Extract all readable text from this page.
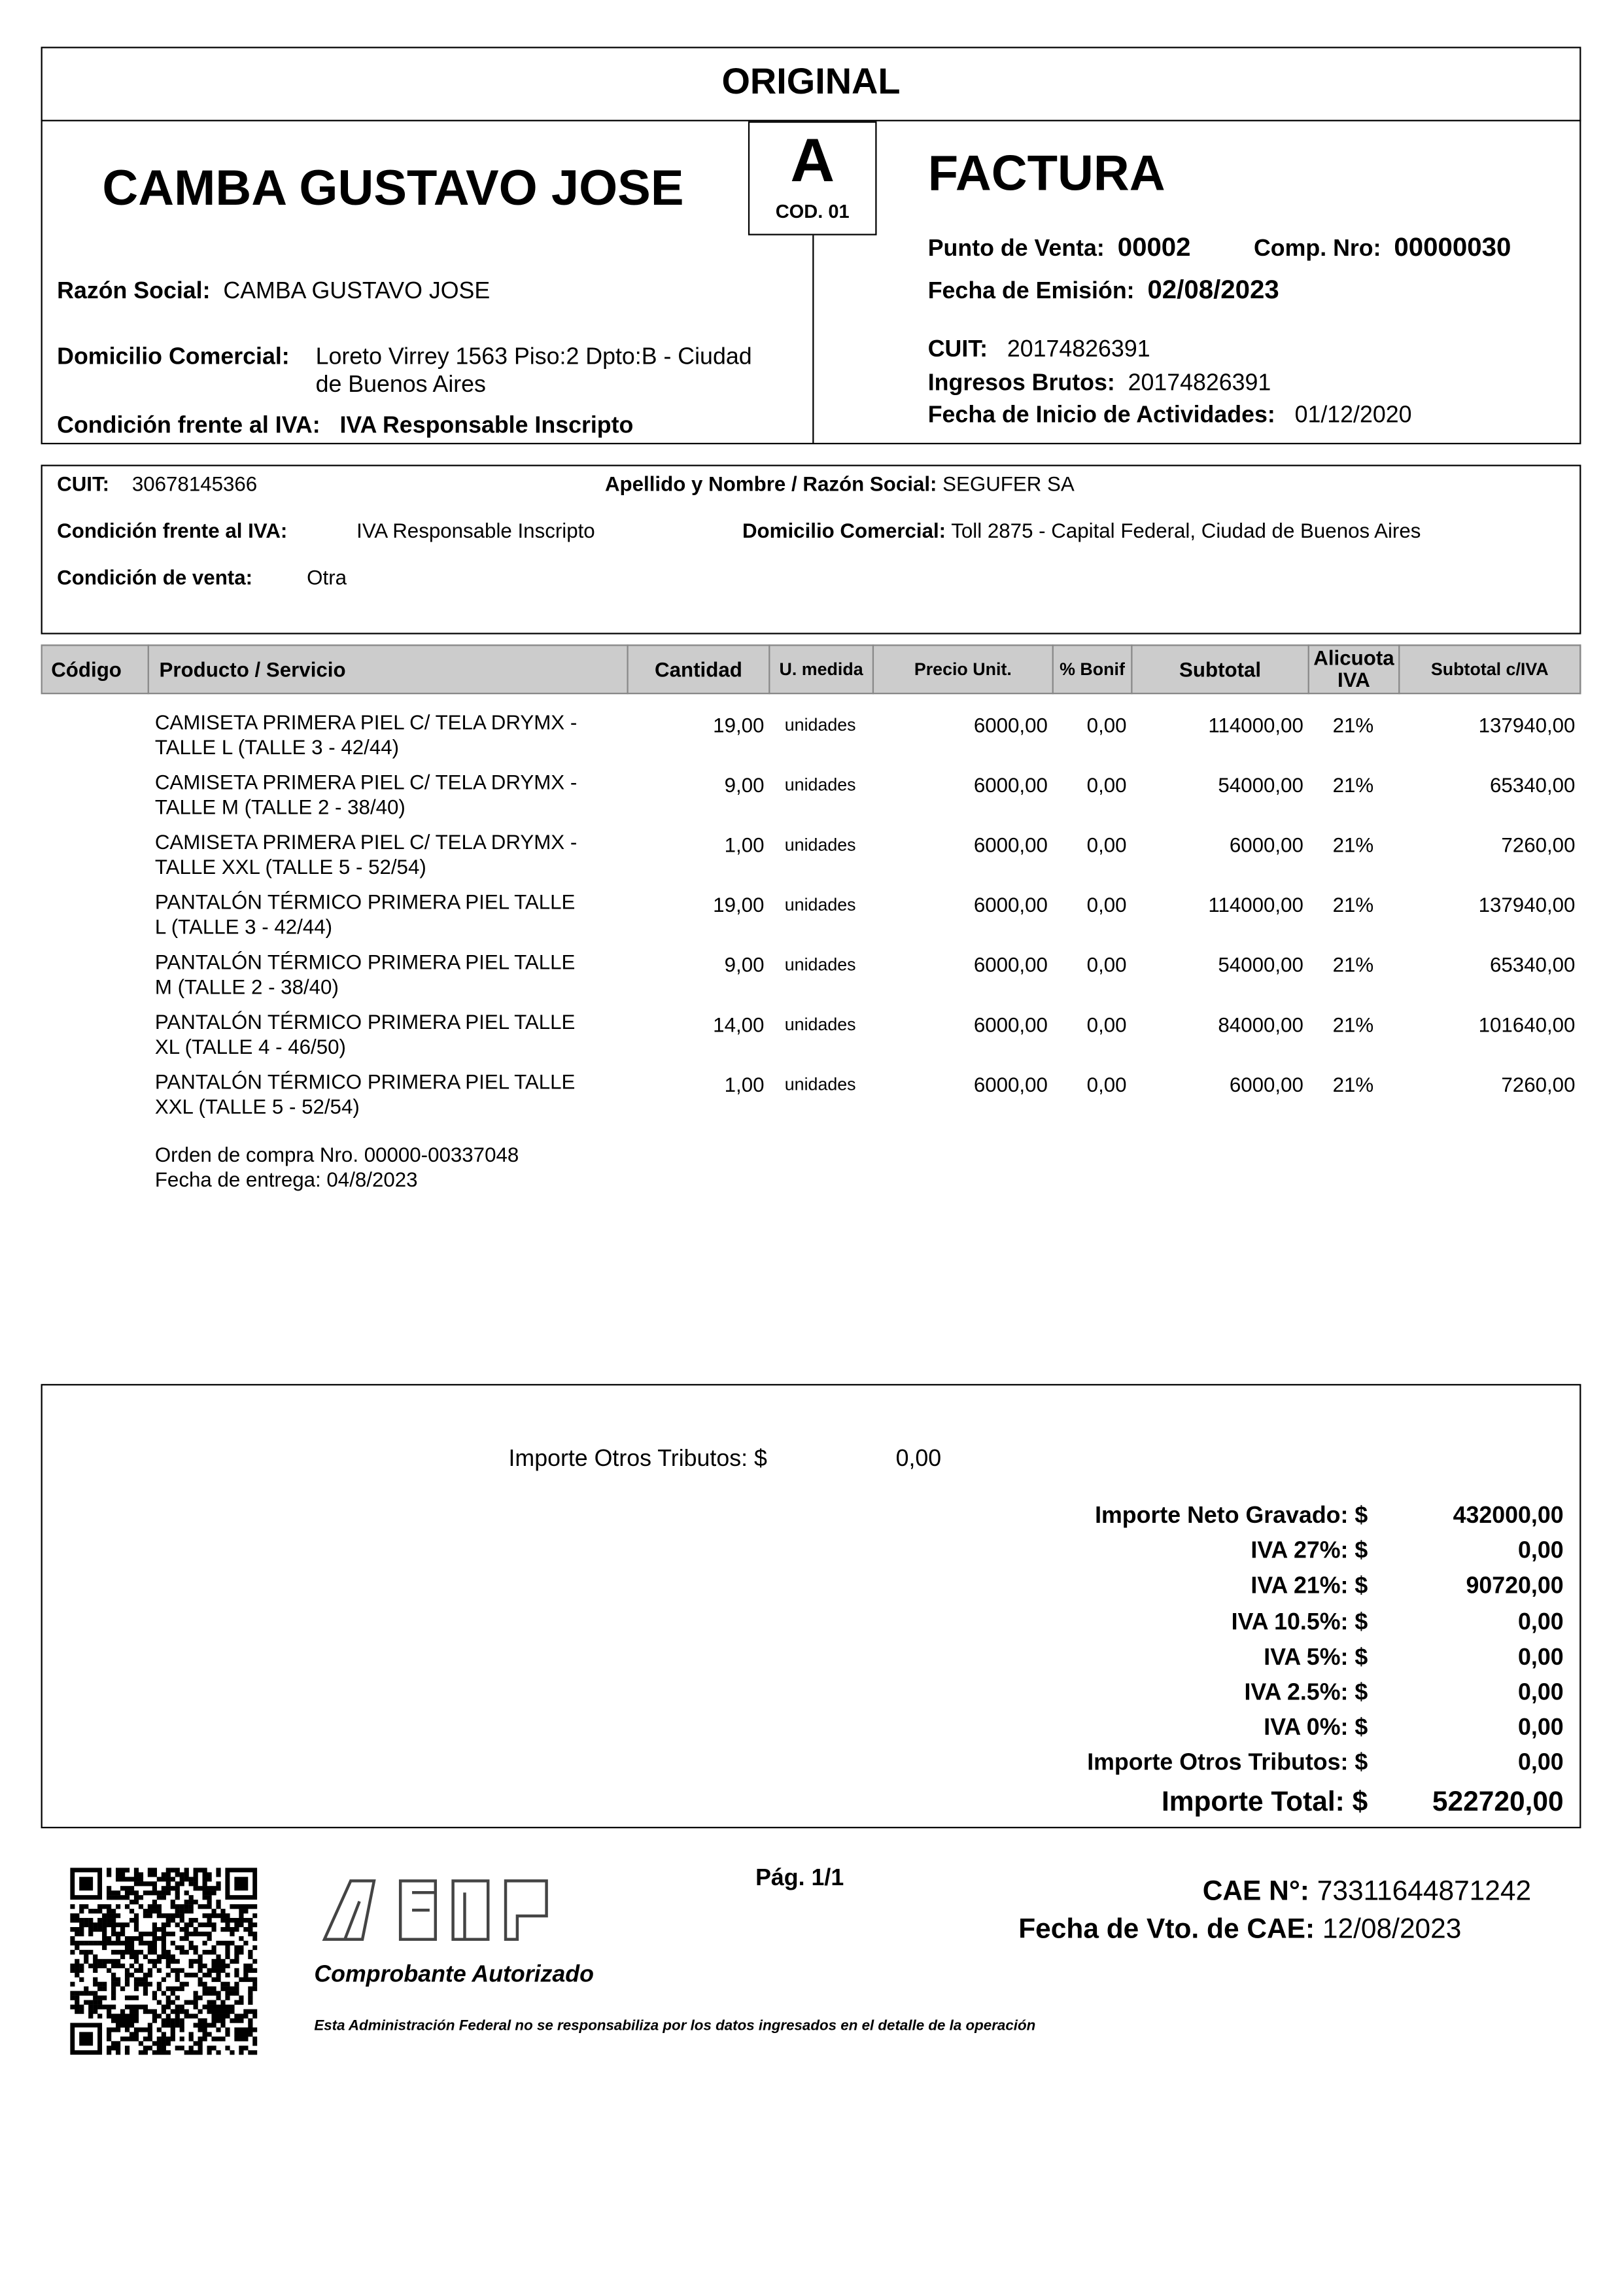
ORIGINAL
A
COD. 01
CAMBA GUSTAVO JOSE
Razón Social: CAMBA GUSTAVO JOSE
Domicilio Comercial: Loreto Virrey 1563 Piso:2 Dpto:B - Ciudad
de Buenos Aires
Condición frente al IVA: IVA Responsable Inscripto
FACTURA
Punto de Venta: 00002	Comp. Nro: 00000030
Fecha de Emisión: 02/08/2023
CUIT: 20174826391
Ingresos Brutos: 20174826391
Fecha de Inicio de Actividades: 01/12/2020
CUIT: 30678145366	Apellido y Nombre / Razón Social: SEGUFER SA
Condición frente al IVA:	IVA Responsable Inscripto	Domicilio Comercial: Toll 2875 - Capital Federal, Ciudad de Buenos Aires
Condición de venta:	Otra
Código	Producto / Servicio	Cantidad	U. medida	Precio Unit.	% Bonif	Subtotal	Alicuota IVA	Subtotal c/IVA
CAMISETA PRIMERA PIEL C/ TELA DRYMX -
TALLE L (TALLE 3 - 42/44)
19,00	unidades	6000,00	0,00	114000,00	21%	137940,00
CAMISETA PRIMERA PIEL C/ TELA DRYMX -
TALLE M (TALLE 2 - 38/40)
9,00	unidades	6000,00	0,00	54000,00	21%	65340,00
CAMISETA PRIMERA PIEL C/ TELA DRYMX -
TALLE XXL (TALLE 5 - 52/54)
1,00	unidades	6000,00	0,00	6000,00	21%	7260,00
PANTALÓN TÉRMICO PRIMERA PIEL TALLE
L (TALLE 3 - 42/44)
19,00	unidades	6000,00	0,00	114000,00	21%	137940,00
PANTALÓN TÉRMICO PRIMERA PIEL TALLE
M (TALLE 2 - 38/40)
9,00	unidades	6000,00	0,00	54000,00	21%	65340,00
PANTALÓN TÉRMICO PRIMERA PIEL TALLE
XL (TALLE 4 - 46/50)
14,00	unidades	6000,00	0,00	84000,00	21%	101640,00
PANTALÓN TÉRMICO PRIMERA PIEL TALLE
XXL (TALLE 5 - 52/54)
1,00	unidades	6000,00	0,00	6000,00	21%	7260,00
Orden de compra Nro. 00000-00337048
Fecha de entrega: 04/8/2023
Importe Otros Tributos: $	0,00
Importe Neto Gravado: $	432000,00
IVA 27%: $	0,00
IVA 21%: $	90720,00
IVA 10.5%: $	0,00
IVA 5%: $	0,00
IVA 2.5%: $	0,00
IVA 0%: $	0,00
Importe Otros Tributos: $	0,00
Importe Total: $	522720,00
Pág. 1/1	CAE N°: 73311644871242
Fecha de Vto. de CAE: 12/08/2023
Comprobante Autorizado
Esta Administración Federal no se responsabiliza por los datos ingresados en el detalle de la operación
